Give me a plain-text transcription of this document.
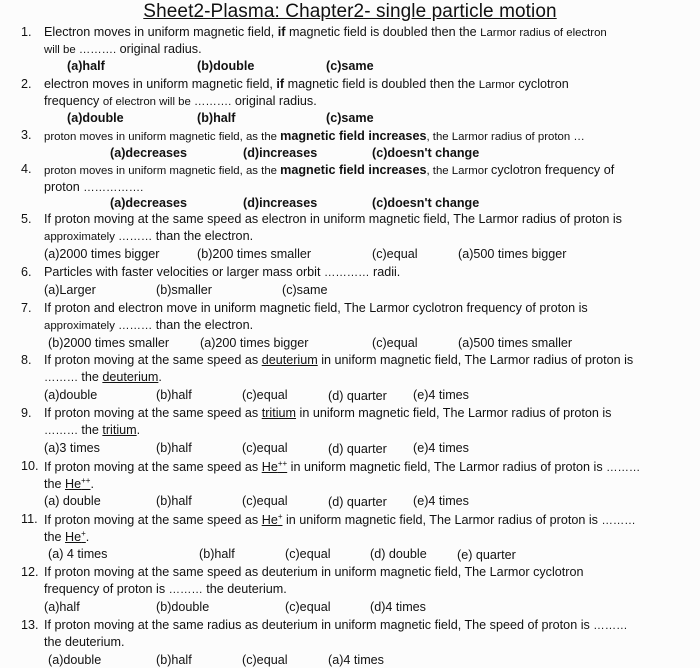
Sheet2-Plasma: Chapter2- single particle motion
1. Electron moves in uniform magnetic field, if magnetic field is doubled then the Larmor radius of electron
will be ………. original radius.
(a)half	(b)double	(c)same
2. electron moves in uniform magnetic field, if magnetic field is doubled then the Larmor cyclotron
frequency of electron will be ………. original radius.
(a)double	(b)half	(c)same
3. proton moves in uniform magnetic field, as the magnetic field increases, the Larmor radius of proton …
(a)decreases	(d)increases	(c)doesn't change
4. proton moves in uniform magnetic field, as the magnetic field increases, the Larmor cyclotron frequency of
proton …………….
(a)decreases	(d)increases	(c)doesn't change
5. If proton moving at the same speed as electron in uniform magnetic field, The Larmor radius of proton is
approximately ……… than the electron.
(a)2000 times bigger	(b)200 times smaller	(c)equal	(a)500 times bigger
6. Particles with faster velocities or larger mass orbit ………… radii.
(a)Larger	(b)smaller	(c)same
7. If proton and electron move in uniform magnetic field, The Larmor cyclotron frequency of proton is
approximately ……… than the electron.
(b)2000 times smaller (a)200 times bigger	(c)equal	(a)500 times smaller
8. If proton moving at the same speed as deuterium in uniform magnetic field, The Larmor radius of proton is
……… the deuterium.
(a)double	(b)half	(c)equal	(d) quarter (e)4 times
9. If proton moving at the same speed as tritium in uniform magnetic field, The Larmor radius of proton is
……… the tritium.
(a)3 times	(b)half	(c)equal	(d) quarter (e)4 times
10. If proton moving at the same speed as He++ in uniform magnetic field, The Larmor radius of proton is ………
the He++.
(a) double	(b)half	(c)equal	(d) quarter (e)4 times
11. If proton moving at the same speed as He+ in uniform magnetic field, The Larmor radius of proton is ………
the He+.
(a) 4 times	(b)half	(c)equal	(d) double (e) quarter
12. If proton moving at the same speed as deuterium in uniform magnetic field, The Larmor cyclotron
frequency of proton is ……… the deuterium.
(a)half	(b)double	(c)equal	(d)4 times
13. If proton moving at the same radius as deuterium in uniform magnetic field, The speed of proton is ………
the deuterium.
(a)double	(b)half	(c)equal	(a)4 times
